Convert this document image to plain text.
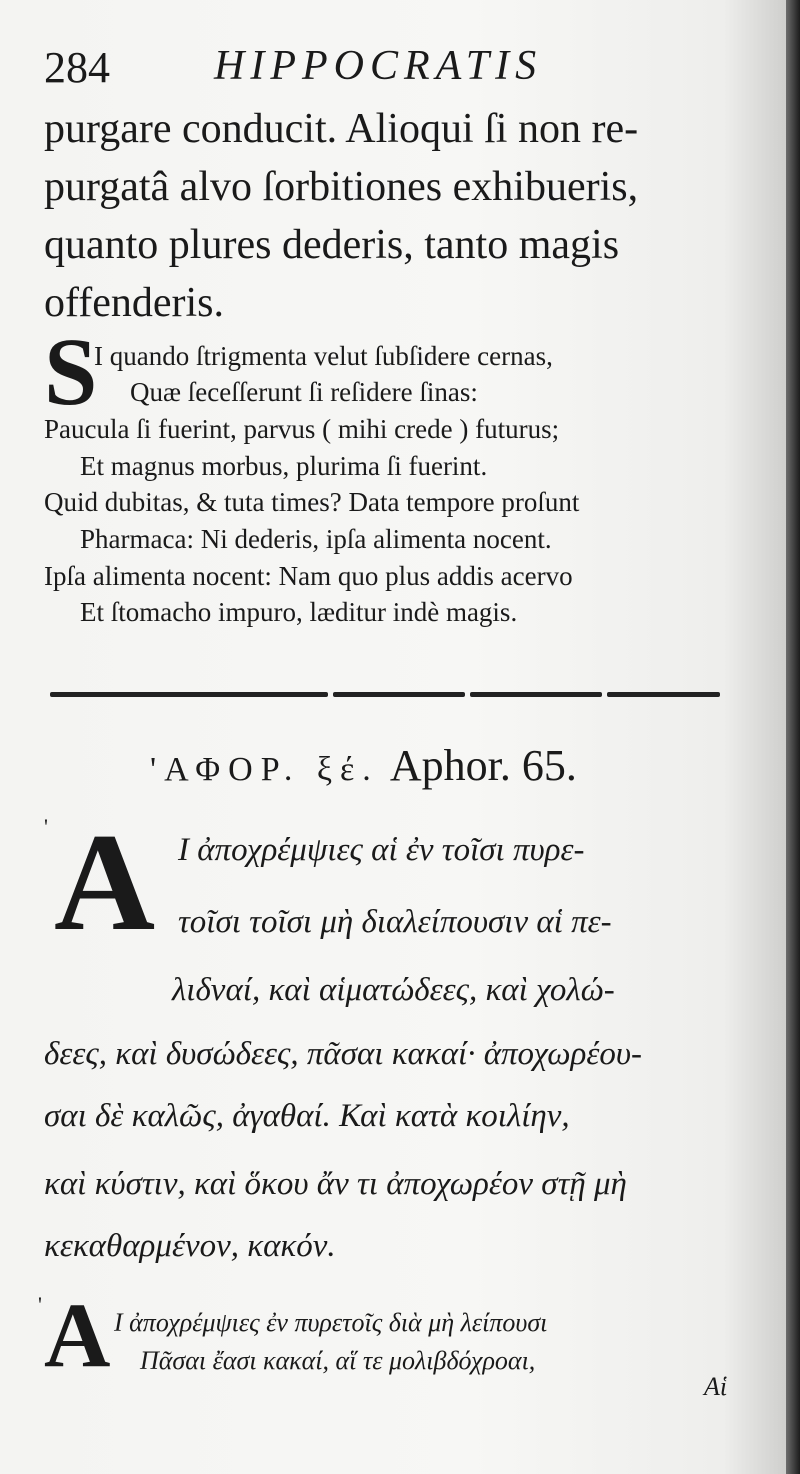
284 HIPPOCRATIS
purgare conducit. Alioqui ſi non re-
purgatâ alvo ſorbitiones exhibueris,
quanto plures dederis, tanto magis
offenderis.
S
I quando ſtrigmenta velut ſubſidere cernas,
Quæ ſeceſſerunt ſi reſidere ſinas:
Paucula ſi fuerint, parvus ( mihi crede ) futurus;
Et magnus morbus, plurima ſi fuerint.
Quid dubitas, & tuta times? Data tempore proſunt
Pharmaca: Ni dederis, ipſa alimenta nocent.
Ipſa alimenta nocent: Nam quo plus addis acervo
Et ſtomacho impuro, læditur indè magis.
'ΑΦΟΡ. ξέ. Aphor. 65.
A
'
Ι ἀποχρέμψιες αἱ ἐν τοῖσι πυρε-
τοῖσι τοῖσι μὴ διαλείπουσιν αἱ πε-
λιδναί, καὶ αἱματώδεες, καὶ χολώ-
δεες, καὶ δυσώδεες, πᾶσαι κακαί· ἀποχωρέου-
σαι δὲ καλῶς, ἀγαθαί. Καὶ κατὰ κοιλίην,
καὶ κύστιν, καὶ ὅκου ἄν τι ἀποχωρέον στῇ μὴ
κεκαθαρμένον, κακόν.
' A Ι ἀποχρέμψιες ἐν πυρετοῖς διὰ μὴ λείπουσι
Πᾶσαι ἔασι κακαί, αἵ τε μολιβδόχροαι,
Αἱ
